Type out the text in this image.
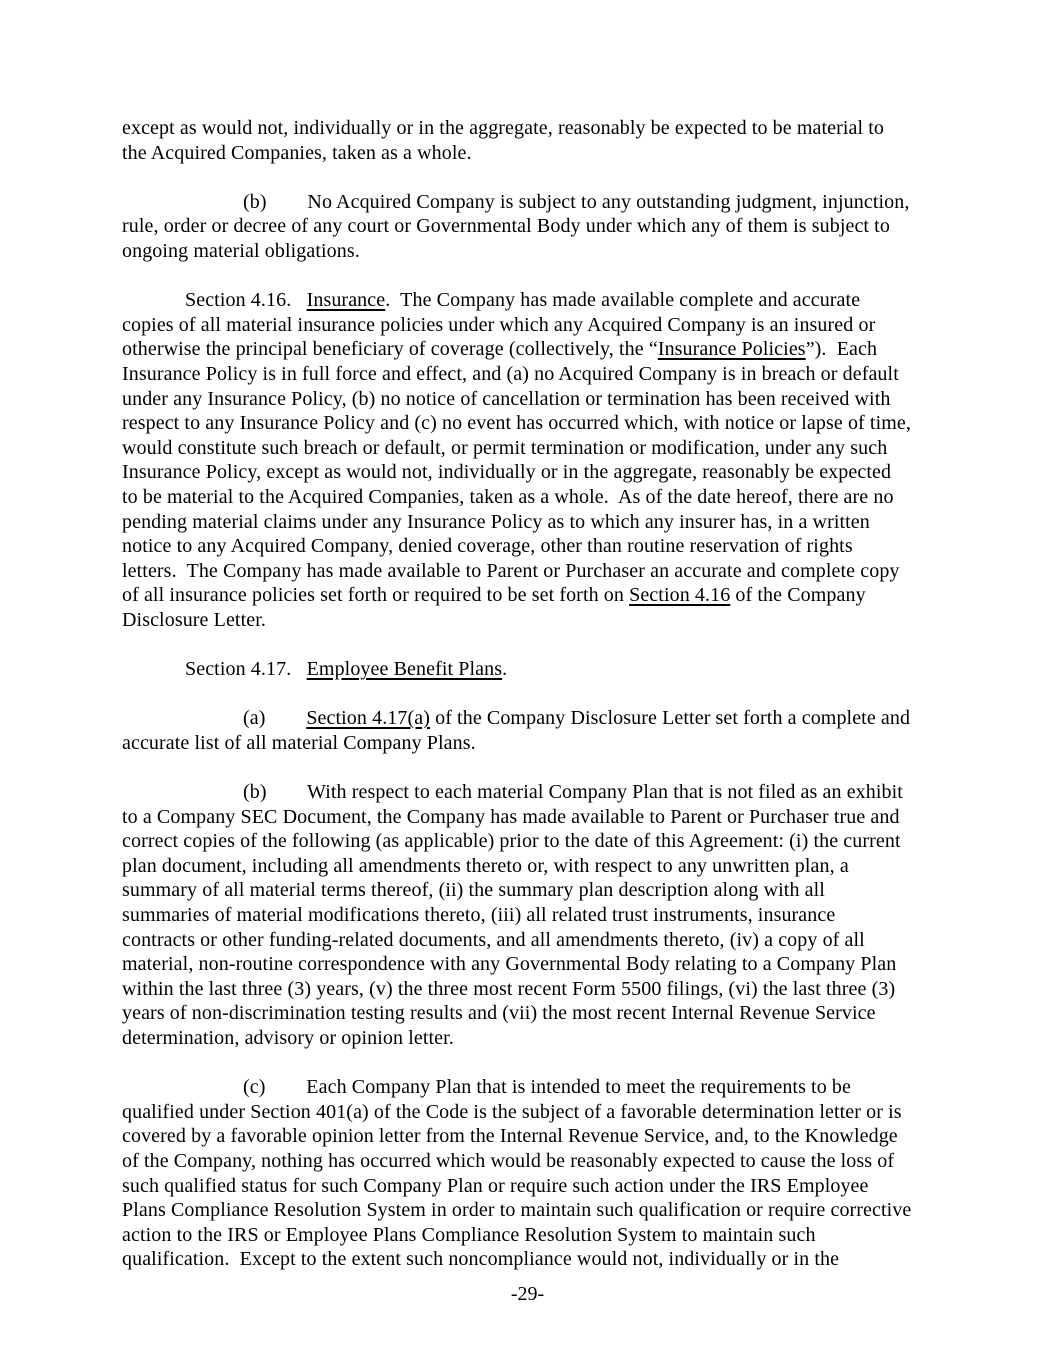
except as would not, individually or in the aggregate, reasonably be expected to be material to
the Acquired Companies, taken as a whole.
(b)        No Acquired Company is subject to any outstanding judgment, injunction,
rule, order or decree of any court or Governmental Body under which any of them is subject to
ongoing material obligations.
Section 4.16.   Insurance.  The Company has made available complete and accurate
copies of all material insurance policies under which any Acquired Company is an insured or
otherwise the principal beneficiary of coverage (collectively, the “Insurance Policies”).  Each
Insurance Policy is in full force and effect, and (a) no Acquired Company is in breach or default
under any Insurance Policy, (b) no notice of cancellation or termination has been received with
respect to any Insurance Policy and (c) no event has occurred which, with notice or lapse of time,
would constitute such breach or default, or permit termination or modification, under any such
Insurance Policy, except as would not, individually or in the aggregate, reasonably be expected
to be material to the Acquired Companies, taken as a whole.  As of the date hereof, there are no
pending material claims under any Insurance Policy as to which any insurer has, in a written
notice to any Acquired Company, denied coverage, other than routine reservation of rights
letters.  The Company has made available to Parent or Purchaser an accurate and complete copy
of all insurance policies set forth or required to be set forth on Section 4.16 of the Company
Disclosure Letter.
Section 4.17.   Employee Benefit Plans.
(a)        Section 4.17(a) of the Company Disclosure Letter set forth a complete and
accurate list of all material Company Plans.
(b)        With respect to each material Company Plan that is not filed as an exhibit
to a Company SEC Document, the Company has made available to Parent or Purchaser true and
correct copies of the following (as applicable) prior to the date of this Agreement: (i) the current
plan document, including all amendments thereto or, with respect to any unwritten plan, a
summary of all material terms thereof, (ii) the summary plan description along with all
summaries of material modifications thereto, (iii) all related trust instruments, insurance
contracts or other funding-related documents, and all amendments thereto, (iv) a copy of all
material, non-routine correspondence with any Governmental Body relating to a Company Plan
within the last three (3) years, (v) the three most recent Form 5500 filings, (vi) the last three (3)
years of non-discrimination testing results and (vii) the most recent Internal Revenue Service
determination, advisory or opinion letter.
(c)        Each Company Plan that is intended to meet the requirements to be
qualified under Section 401(a) of the Code is the subject of a favorable determination letter or is
covered by a favorable opinion letter from the Internal Revenue Service, and, to the Knowledge
of the Company, nothing has occurred which would be reasonably expected to cause the loss of
such qualified status for such Company Plan or require such action under the IRS Employee
Plans Compliance Resolution System in order to maintain such qualification or require corrective
action to the IRS or Employee Plans Compliance Resolution System to maintain such
qualification.  Except to the extent such noncompliance would not, individually or in the
-29-
